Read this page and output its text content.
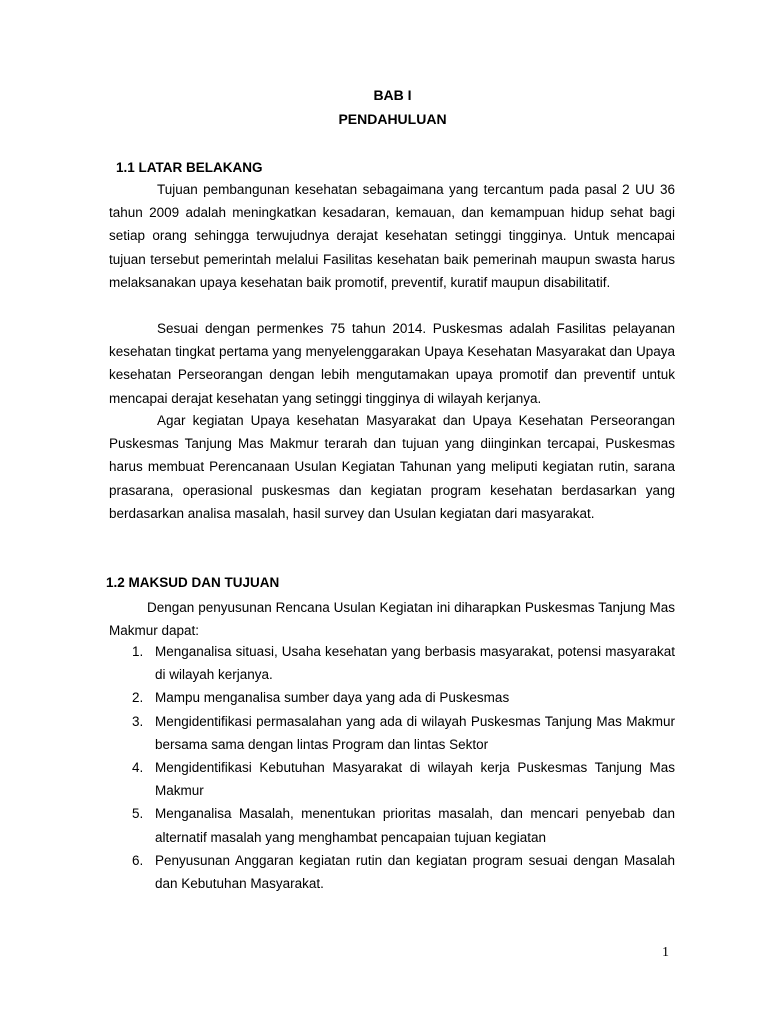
BAB I
PENDAHULUAN
1.1 LATAR BELAKANG
Tujuan pembangunan kesehatan sebagaimana yang tercantum pada pasal 2 UU 36 tahun 2009 adalah meningkatkan kesadaran, kemauan, dan kemampuan hidup sehat bagi setiap orang sehingga terwujudnya derajat kesehatan setinggi tingginya. Untuk mencapai tujuan tersebut pemerintah melalui Fasilitas kesehatan baik pemerinah maupun swasta harus melaksanakan upaya kesehatan baik promotif, preventif, kuratif maupun disabilitatif.
Sesuai dengan permenkes 75 tahun 2014. Puskesmas adalah Fasilitas pelayanan kesehatan tingkat pertama yang menyelenggarakan Upaya Kesehatan Masyarakat dan Upaya kesehatan Perseorangan dengan lebih mengutamakan upaya promotif dan preventif untuk mencapai derajat kesehatan yang setinggi tingginya di wilayah kerjanya.
Agar kegiatan Upaya kesehatan Masyarakat dan Upaya Kesehatan Perseorangan Puskesmas Tanjung Mas Makmur terarah dan tujuan yang diinginkan tercapai, Puskesmas harus membuat Perencanaan Usulan Kegiatan Tahunan yang meliputi kegiatan rutin, sarana prasarana, operasional puskesmas dan kegiatan program kesehatan berdasarkan yang berdasarkan analisa masalah, hasil survey dan Usulan kegiatan dari masyarakat.
1.2 MAKSUD DAN TUJUAN
Dengan penyusunan Rencana Usulan Kegiatan ini diharapkan Puskesmas Tanjung Mas Makmur dapat:
1. Menganalisa situasi, Usaha kesehatan yang berbasis masyarakat, potensi masyarakat di wilayah kerjanya.
2. Mampu menganalisa sumber daya yang ada di Puskesmas
3. Mengidentifikasi permasalahan yang ada di wilayah Puskesmas Tanjung Mas Makmur bersama sama dengan lintas Program dan lintas Sektor
4. Mengidentifikasi Kebutuhan Masyarakat di wilayah kerja Puskesmas Tanjung Mas Makmur
5. Menganalisa Masalah, menentukan prioritas masalah, dan mencari penyebab dan alternatif masalah yang menghambat pencapaian tujuan kegiatan
6. Penyusunan Anggaran kegiatan rutin dan kegiatan program sesuai dengan Masalah dan Kebutuhan Masyarakat.
1
